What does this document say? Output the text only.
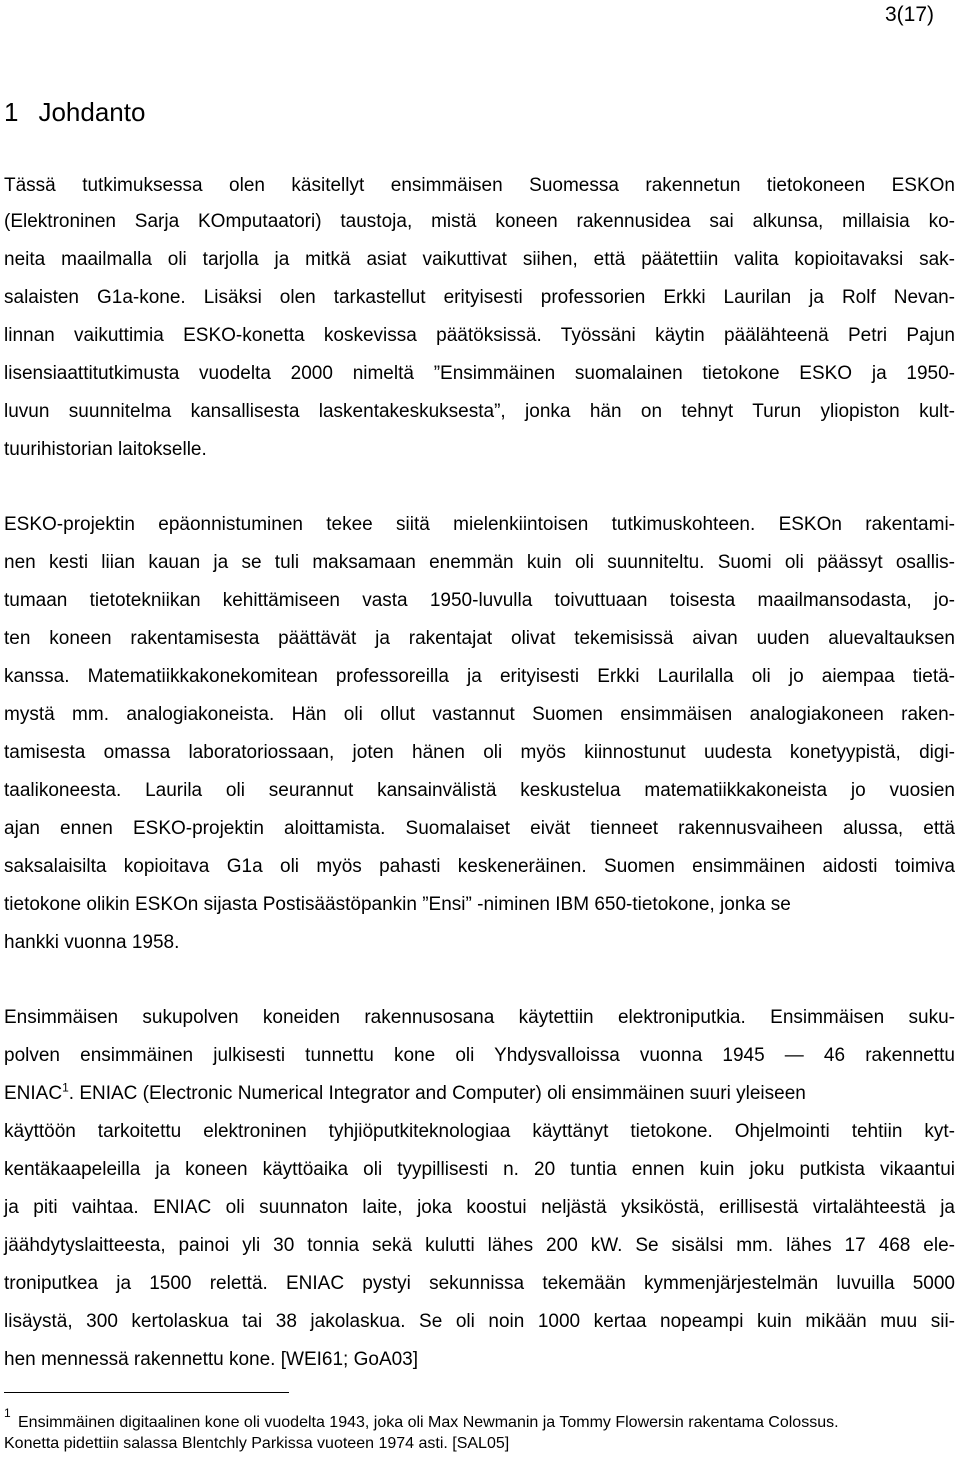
3(17)
1 Johdanto
Tässä tutkimuksessa olen käsitellyt ensimmäisen Suomessa rakennetun tietokoneen ESKOn
(Elektroninen Sarja KOmputaatori) taustoja, mistä koneen rakennusidea sai alkunsa, millaisia ko-
neita maailmalla oli tarjolla ja mitkä asiat vaikuttivat siihen, että päätettiin valita kopioitavaksi sak-
salaisten G1a-kone. Lisäksi olen tarkastellut erityisesti professorien Erkki Laurilan ja Rolf Nevan-
linnan vaikuttimia ESKO-konetta koskevissa päätöksissä. Työssäni käytin päälähteenä Petri Pajun
lisensiaattitutkimusta vuodelta 2000 nimeltä ”Ensimmäinen suomalainen tietokone ESKO ja 1950-
luvun suunnitelma kansallisesta laskentakeskuksesta”, jonka hän on tehnyt Turun yliopiston kult-
tuurihistorian laitokselle.
ESKO-projektin epäonnistuminen tekee siitä mielenkiintoisen tutkimuskohteen. ESKOn rakentami-
nen kesti liian kauan ja se tuli maksamaan enemmän kuin oli suunniteltu. Suomi oli päässyt osallis-
tumaan tietotekniikan kehittämiseen vasta 1950-luvulla toivuttuaan toisesta maailmansodasta, jo-
ten koneen rakentamisesta päättävät ja rakentajat olivat tekemisissä aivan uuden aluevaltauksen
kanssa. Matematiikkakonekomitean professoreilla ja erityisesti Erkki Laurilalla oli jo aiempaa tietä-
mystä mm. analogiakoneista. Hän oli ollut vastannut Suomen ensimmäisen analogiakoneen raken-
tamisesta omassa laboratoriossaan, joten hänen oli myös kiinnostunut uudesta konetyypistä, digi-
taalikoneesta. Laurila oli seurannut kansainvälistä keskustelua matematiikkakoneista jo vuosien
ajan ennen ESKO-projektin aloittamista. Suomalaiset eivät tienneet rakennusvaiheen alussa, että
saksalaisilta kopioitava G1a oli myös pahasti keskeneräinen. Suomen ensimmäinen aidosti toimiva
tietokone olikin ESKOn sijasta Postisäästöpankin ”Ensi” -niminen IBM 650-tietokone, jonka se
hankki vuonna 1958.
Ensimmäisen sukupolven koneiden rakennusosana käytettiin elektroniputkia. Ensimmäisen suku-
polven ensimmäinen julkisesti tunnettu kone oli Yhdysvalloissa vuonna 1945 — 46 rakennettu
ENIAC$^1$. ENIAC (Electronic Numerical Integrator and Computer) oli ensimmäinen suuri yleiseen
käyttöön tarkoitettu elektroninen tyhjiöputkiteknologiaa käyttänyt tietokone. Ohjelmointi tehtiin kyt-
kentäkaapeleilla ja koneen käyttöaika oli tyypillisesti n. 20 tuntia ennen kuin joku putkista vikaantui
ja piti vaihtaa. ENIAC oli suunnaton laite, joka koostui neljästä yksiköstä, erillisestä virtalähteestä ja
jäähdytyslaitteesta, painoi yli 30 tonnia sekä kulutti lähes 200 kW. Se sisälsi mm. lähes 17 468 ele-
troniputkea ja 1500 relettä. ENIAC pystyi sekunnissa tekemään kymmenjärjestelmän luvuilla 5000
lisäystä, 300 kertolaskua tai 38 jakolaskua. Se oli noin 1000 kertaa nopeampi kuin mikään muu sii-
hen mennessä rakennettu kone. [WEI61; GoA03]
1
Ensimmäinen digitaalinen kone oli vuodelta 1943, joka oli Max Newmanin ja Tommy Flowersin rakentama Colossus.
Konetta pidettiin salassa Blentchly Parkissa vuoteen 1974 asti. [SAL05]
